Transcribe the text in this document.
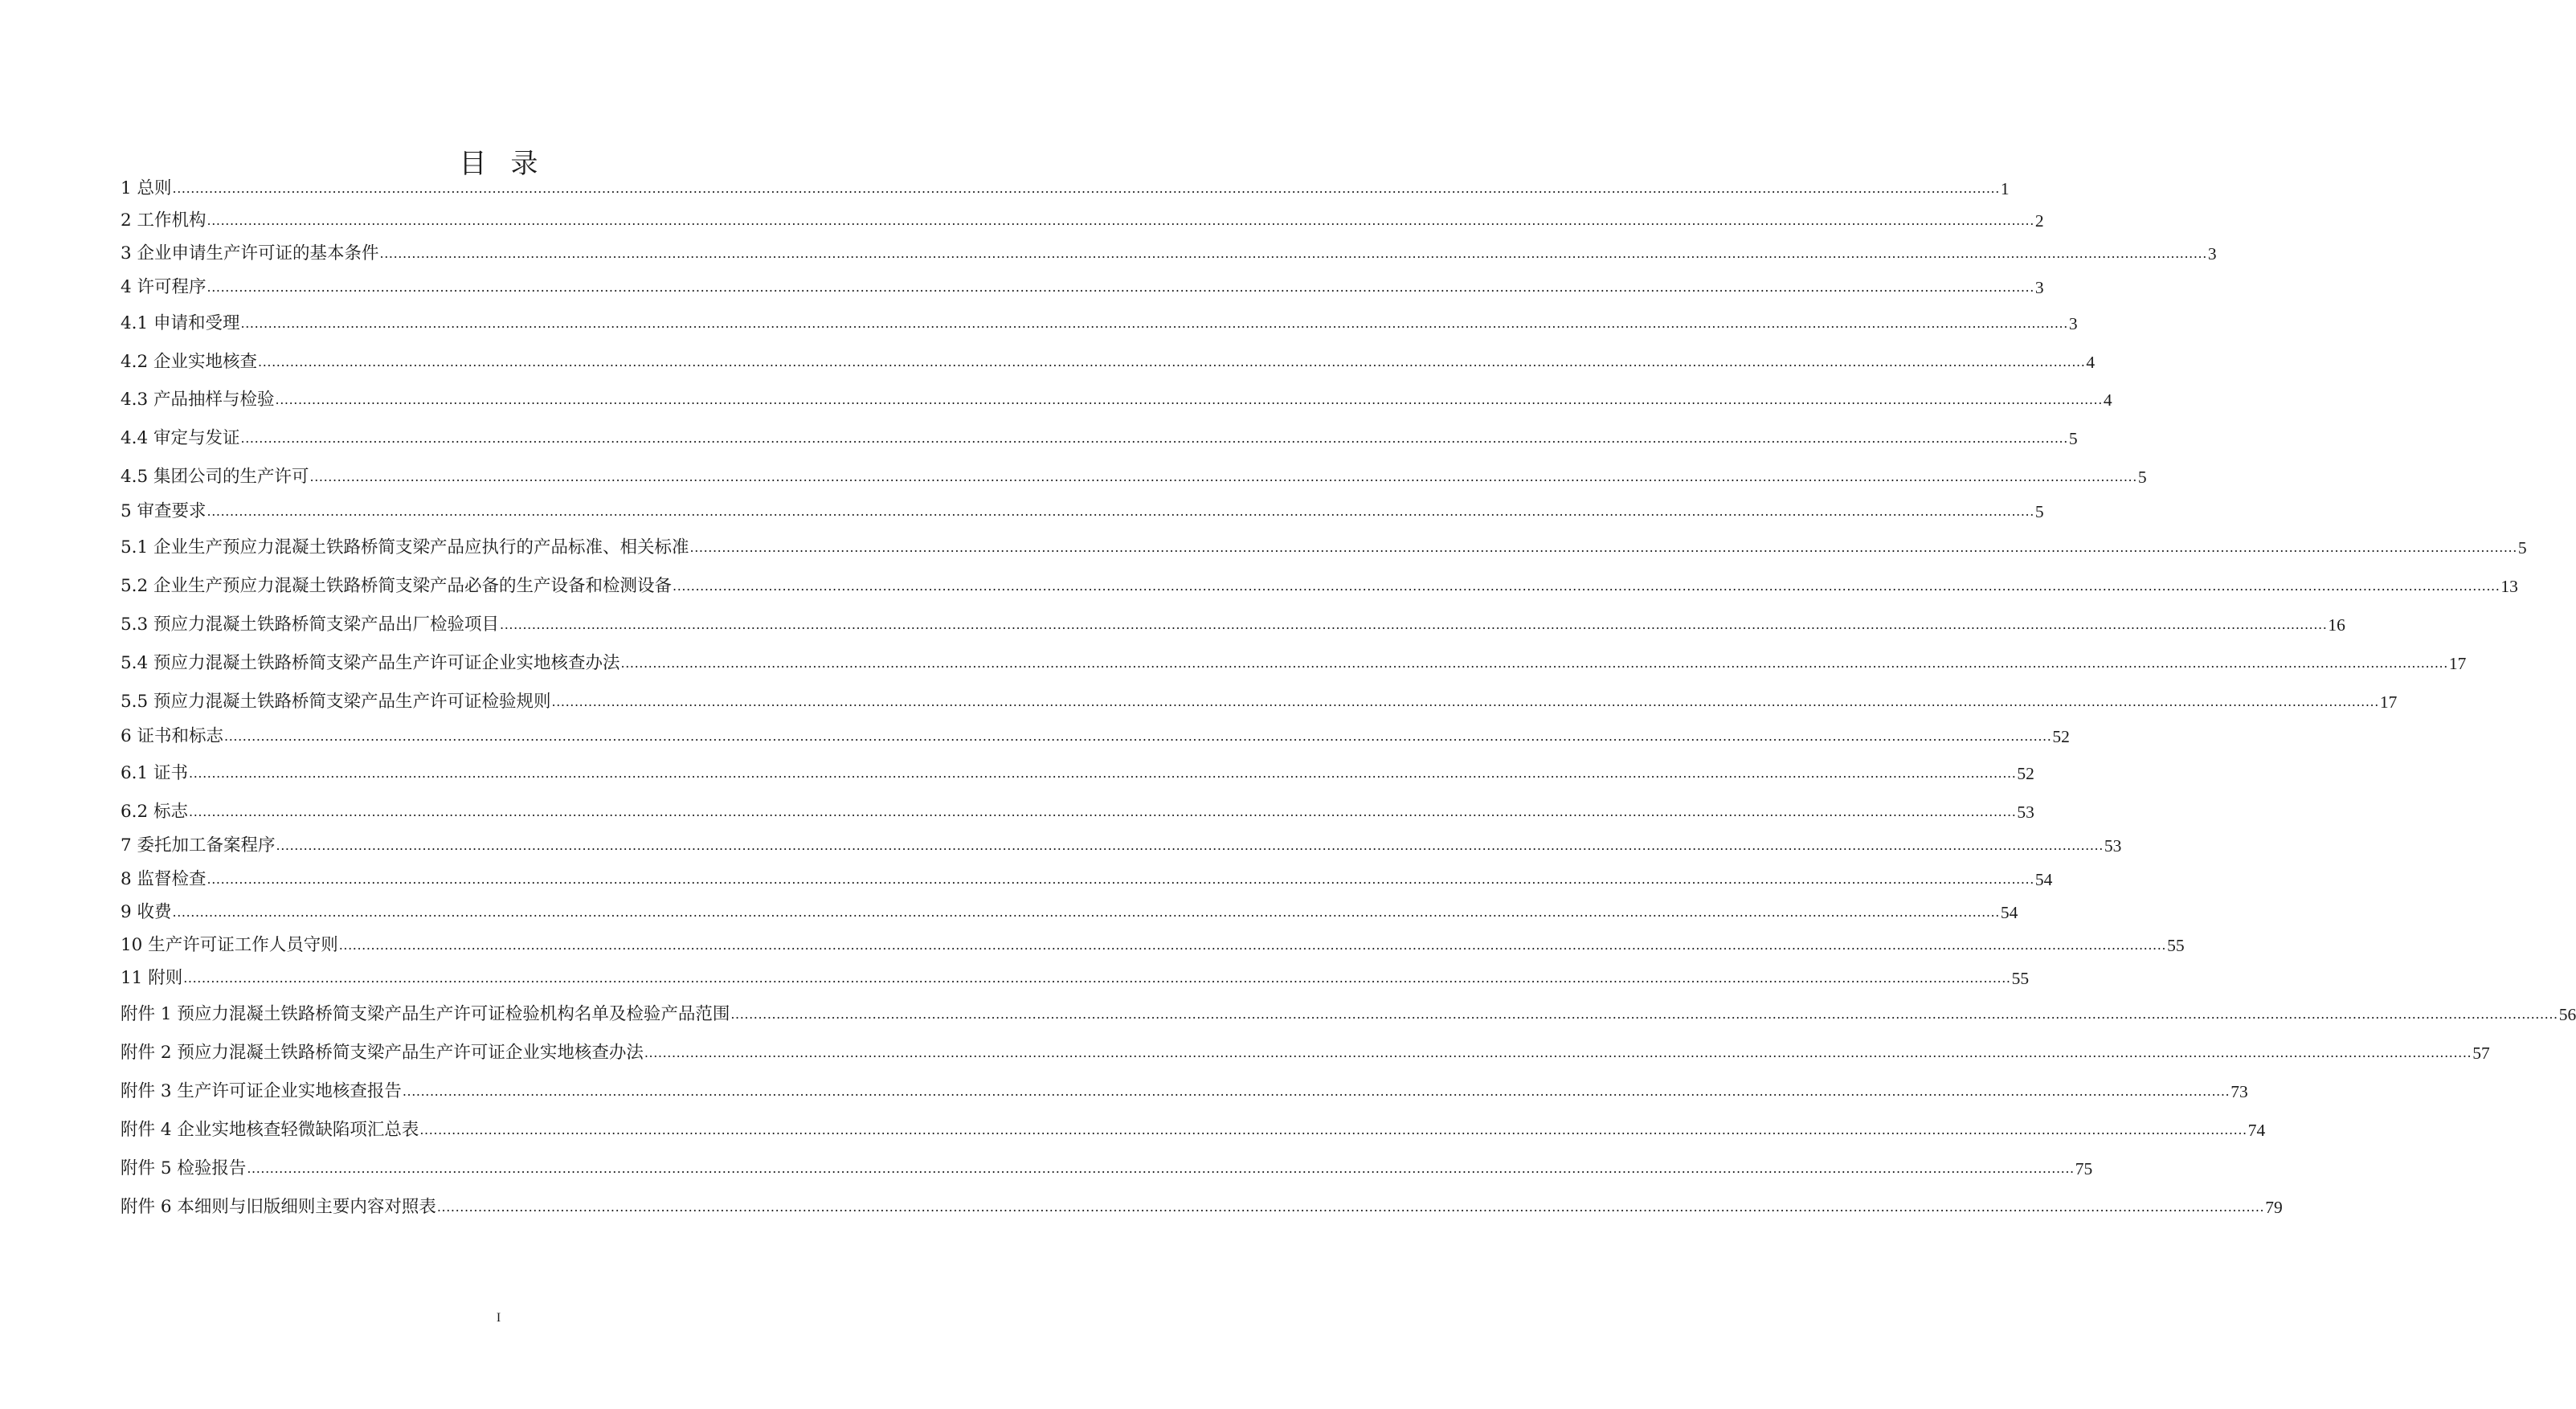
目录
1 总则 ................................................................................................................................................................................................................................................................................................................................................................................................................ 1
2 工作机构 ................................................................................................................................................................................................................................................................................................................................................................................................................ 2
3 企业申请生产许可证的基本条件 ................................................................................................................................................................................................................................................................................................................................................................................................................ 3
4 许可程序 ................................................................................................................................................................................................................................................................................................................................................................................................................ 3
4.1 申请和受理 ................................................................................................................................................................................................................................................................................................................................................................................................................ 3
4.2 企业实地核查 ................................................................................................................................................................................................................................................................................................................................................................................................................ 4
4.3 产品抽样与检验 ................................................................................................................................................................................................................................................................................................................................................................................................................ 4
4.4 审定与发证 ................................................................................................................................................................................................................................................................................................................................................................................................................ 5
4.5 集团公司的生产许可 ................................................................................................................................................................................................................................................................................................................................................................................................................ 5
5 审查要求 ................................................................................................................................................................................................................................................................................................................................................................................................................ 5
5.1 企业生产预应力混凝土铁路桥简支梁产品应执行的产品标准、相关标准 ................................................................................................................................................................................................................................................................................................................................................................................................................ 5
5.2 企业生产预应力混凝土铁路桥简支梁产品必备的生产设备和检测设备 ................................................................................................................................................................................................................................................................................................................................................................................................................ 13
5.3 预应力混凝土铁路桥简支梁产品出厂检验项目 ................................................................................................................................................................................................................................................................................................................................................................................................................ 16
5.4 预应力混凝土铁路桥简支梁产品生产许可证企业实地核查办法 ................................................................................................................................................................................................................................................................................................................................................................................................................ 17
5.5 预应力混凝土铁路桥简支梁产品生产许可证检验规则 ................................................................................................................................................................................................................................................................................................................................................................................................................ 17
6 证书和标志 ................................................................................................................................................................................................................................................................................................................................................................................................................ 52
6.1 证书 ................................................................................................................................................................................................................................................................................................................................................................................................................ 52
6.2 标志 ................................................................................................................................................................................................................................................................................................................................................................................................................ 53
7 委托加工备案程序 ................................................................................................................................................................................................................................................................................................................................................................................................................ 53
8 监督检查 ................................................................................................................................................................................................................................................................................................................................................................................................................ 54
9 收费 ................................................................................................................................................................................................................................................................................................................................................................................................................ 54
10 生产许可证工作人员守则 ................................................................................................................................................................................................................................................................................................................................................................................................................ 55
11 附则 ................................................................................................................................................................................................................................................................................................................................................................................................................ 55
附件 1 预应力混凝土铁路桥简支梁产品生产许可证检验机构名单及检验产品范围 ................................................................................................................................................................................................................................................................................................................................................................................................................ 56
附件 2 预应力混凝土铁路桥简支梁产品生产许可证企业实地核查办法 ................................................................................................................................................................................................................................................................................................................................................................................................................ 57
附件 3 生产许可证企业实地核查报告 ................................................................................................................................................................................................................................................................................................................................................................................................................ 73
附件 4 企业实地核查轻微缺陷项汇总表 ................................................................................................................................................................................................................................................................................................................................................................................................................ 74
附件 5 检验报告 ................................................................................................................................................................................................................................................................................................................................................................................................................ 75
附件 6 本细则与旧版细则主要内容对照表 ................................................................................................................................................................................................................................................................................................................................................................................................................ 79
I
